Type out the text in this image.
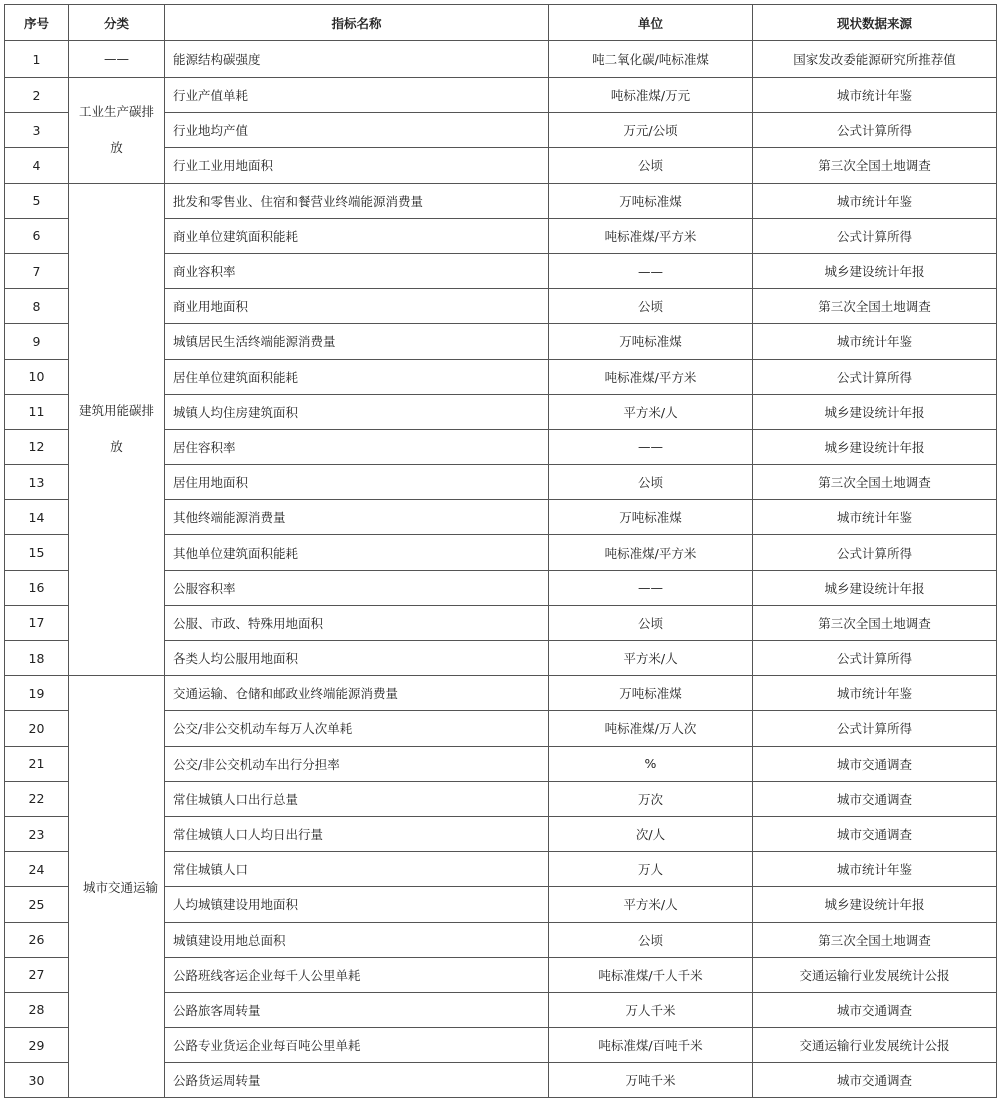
序号	分类	指标名称	单位	现状数据来源
1	——	能源结构碳强度	吨二氧化碳/吨标准煤	国家发改委能源研究所推荐值
2	工业生产碳排放	行业产值单耗	吨标准煤/万元	城市统计年鉴
3		行业地均产值	万元/公顷	公式计算所得
4		行业工业用地面积	公顷	第三次全国土地调查
5	建筑用能碳排放	批发和零售业、住宿和餐营业终端能源消费量	万吨标准煤	城市统计年鉴
6		商业单位建筑面积能耗	吨标准煤/平方米	公式计算所得
7		商业容积率	——	城乡建设统计年报
8		商业用地面积	公顷	第三次全国土地调查
9		城镇居民生活终端能源消费量	万吨标准煤	城市统计年鉴
10		居住单位建筑面积能耗	吨标准煤/平方米	公式计算所得
11		城镇人均住房建筑面积	平方米/人	城乡建设统计年报
12		居住容积率	——	城乡建设统计年报
13		居住用地面积	公顷	第三次全国土地调查
14		其他终端能源消费量	万吨标准煤	城市统计年鉴
15		其他单位建筑面积能耗	吨标准煤/平方米	公式计算所得
16		公服容积率	——	城乡建设统计年报
17		公服、市政、特殊用地面积	公顷	第三次全国土地调查
18		各类人均公服用地面积	平方米/人	公式计算所得
19	城市交通运输	交通运输、仓储和邮政业终端能源消费量	万吨标准煤	城市统计年鉴
20		公交/非公交机动车每万人次单耗	吨标准煤/万人次	公式计算所得
21		公交/非公交机动车出行分担率	%	城市交通调查
22		常住城镇人口出行总量	万次	城市交通调查
23		常住城镇人口人均日出行量	次/人	城市交通调查
24		常住城镇人口	万人	城市统计年鉴
25		人均城镇建设用地面积	平方米/人	城乡建设统计年报
26		城镇建设用地总面积	公顷	第三次全国土地调查
27		公路班线客运企业每千人公里单耗	吨标准煤/千人千米	交通运输行业发展统计公报
28		公路旅客周转量	万人千米	城市交通调查
29		公路专业货运企业每百吨公里单耗	吨标准煤/百吨千米	交通运输行业发展统计公报
30		公路货运周转量	万吨千米	城市交通调查
